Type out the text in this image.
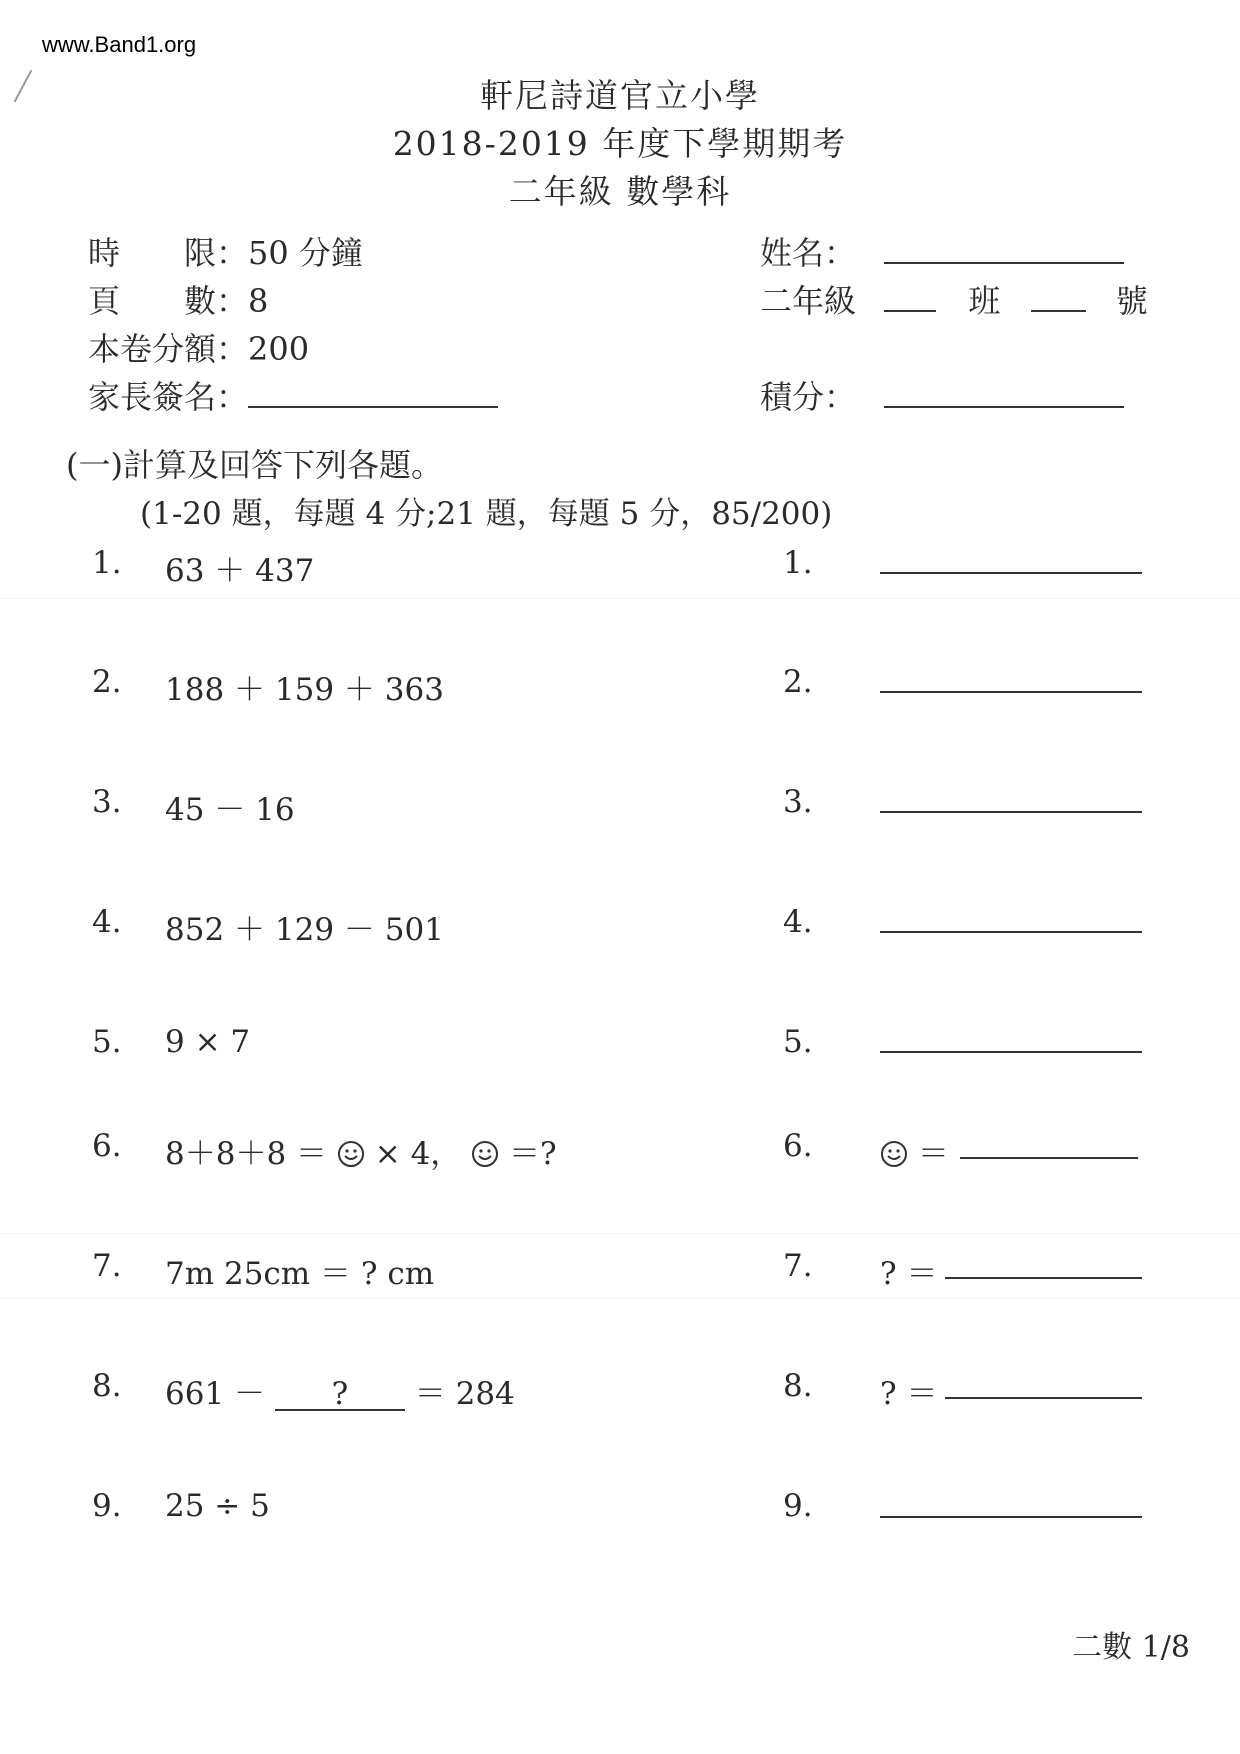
www.Band1.org
軒尼詩道官立小學
2018-2019 年度下學期期考
二年級 數學科
時　　限：50 分鐘
頁　　數：8
本卷分額：200
家長簽名：
姓名：
二年級	班	號
積分：
(一)計算及回答下列各題。
(1-20 題，每題 4 分;21 題，每題 5 分，85/200)
1. 63 ＋ 437	1.
2. 188 ＋ 159 ＋ 363	2.
3. 45 － 16	3.
4. 852 ＋ 129 － 501	4.
5. 9 × 7	5.
6. 8＋8＋8 ＝ × 4， ＝?	6.	＝
7. 7m 25cm ＝ ? cm	7. ? ＝
8. 661 － ? ＝ 284	8. ? ＝
9. 25 ÷ 5	9.
二數 1/8
